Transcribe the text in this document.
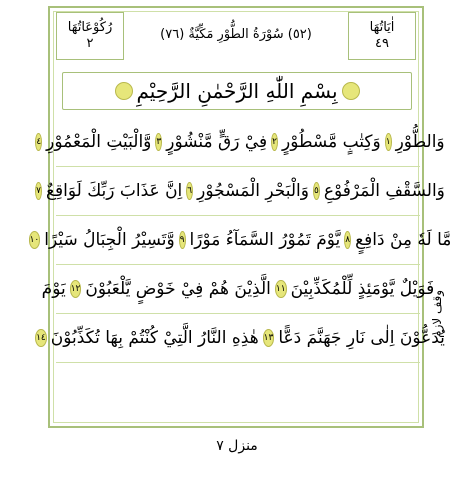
اٰیَاتُهَا
٤٩
(٥٢) سُوْرَةُ الطُّوْرِ مَكِّيَّةٌ (٧٦)
رُكُوْعَاتُهَا
٢
بِسْمِ اللّٰهِ الرَّحْمٰنِ الرَّحِيْمِ
وَالطُّوْرِ
١
وَكِتٰبٍ مَّسْطُوْرٍ
٢
فِيْ رَقٍّ مَّنْشُوْرٍ
٣
وَّالْبَيْتِ الْمَعْمُوْرِ
٤
وَالسَّقْفِ الْمَرْفُوْعِ
٥
وَالْبَحْرِ الْمَسْجُوْرِ
٦
اِنَّ عَذَابَ رَبِّكَ لَوَاقِعٌ
٧
مَّا لَهٗ مِنْ دَافِعٍ
٨
يَّوْمَ تَمُوْرُ السَّمَآءُ مَوْرًا
٩
وَّتَسِيْرُ الْجِبَالُ سَيْرًا
١٠
فَوَيْلٌ يَّوْمَئِذٍ لِّلْمُكَذِّبِيْنَ
١١
الَّذِيْنَ هُمْ فِيْ خَوْضٍ يَّلْعَبُوْنَ
١٢
يَوْمَ
يُدَعُّوْنَ اِلٰى نَارِ جَهَنَّمَ دَعًّا
١٣
هٰذِهِ النَّارُ الَّتِيْ كُنْتُمْ بِهَا تُكَذِّبُوْنَ
١٤
وقف لازم
منزل ٧
